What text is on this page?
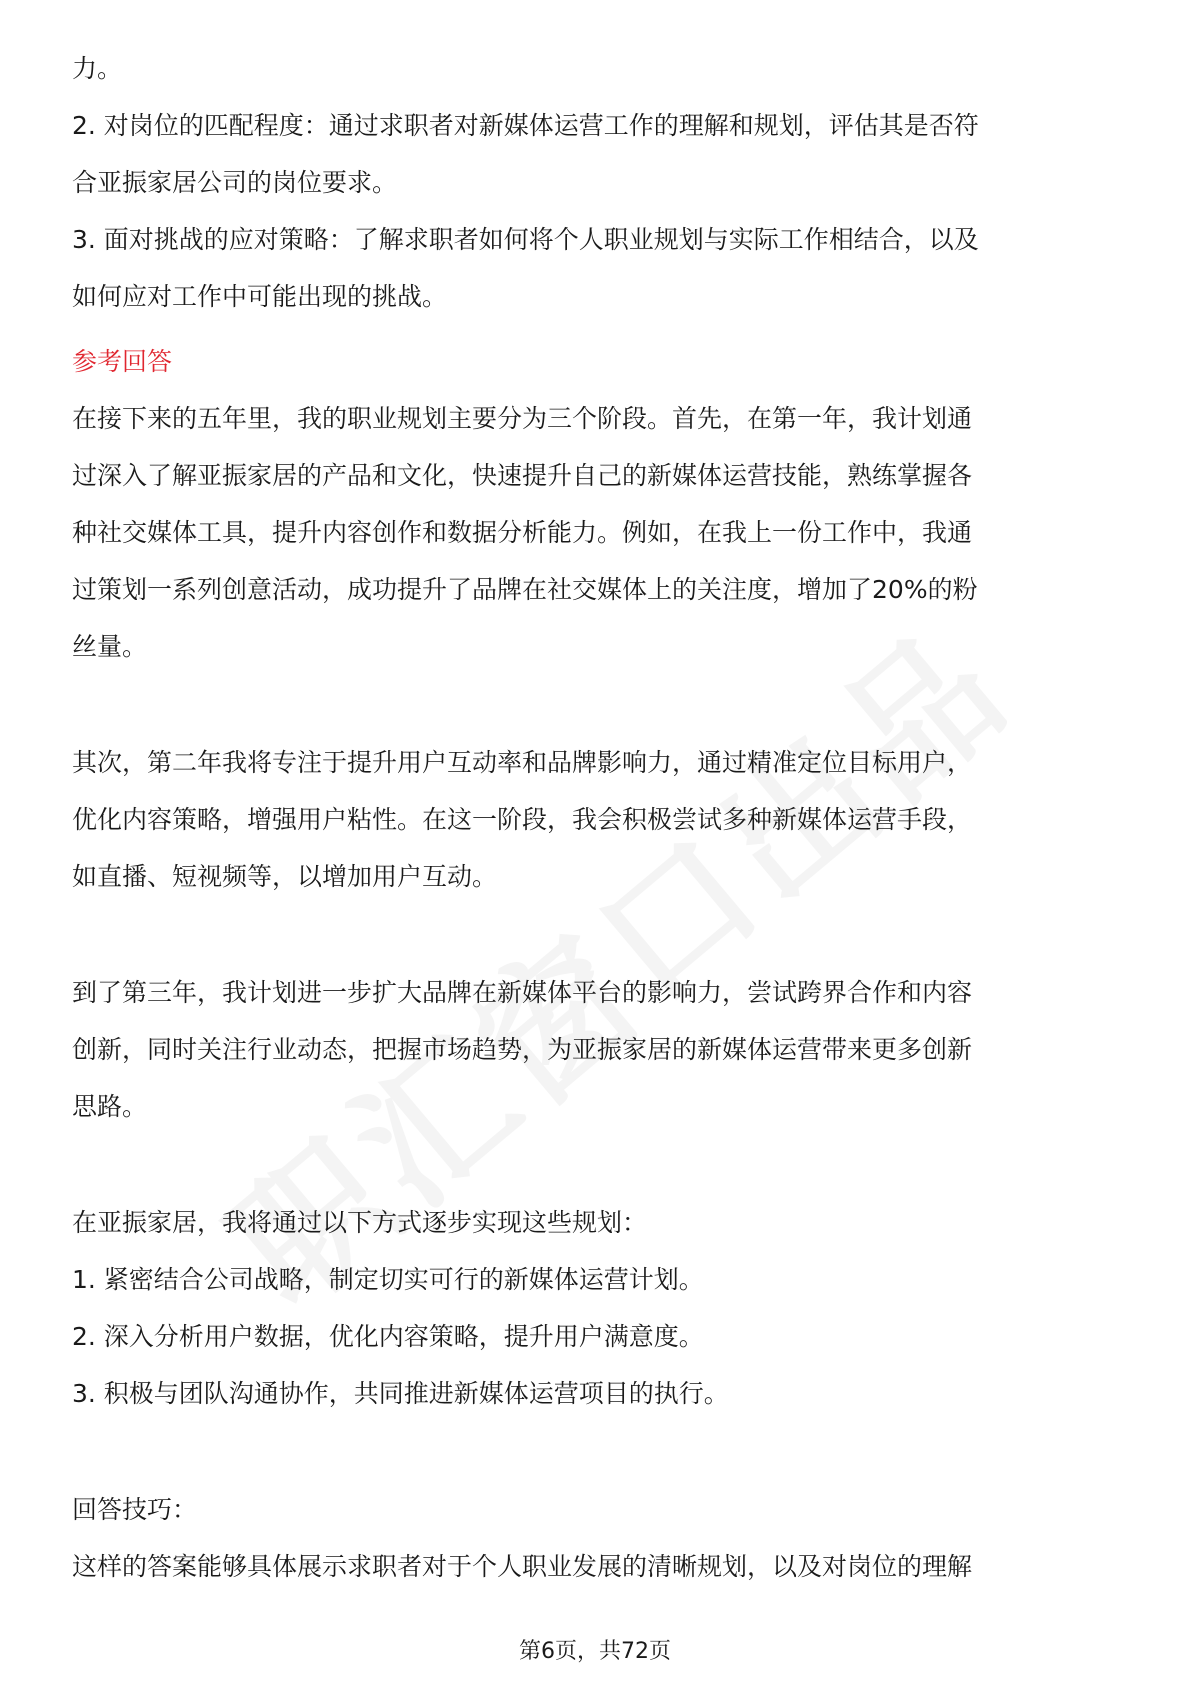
力。
2. 对岗位的匹配程度：通过求职者对新媒体运营工作的理解和规划，评估其是否符
合亚振家居公司的岗位要求。
3. 面对挑战的应对策略：了解求职者如何将个人职业规划与实际工作相结合，以及
如何应对工作中可能出现的挑战。
参考回答
在接下来的五年里，我的职业规划主要分为三个阶段。首先，在第一年，我计划通
过深入了解亚振家居的产品和文化，快速提升自己的新媒体运营技能，熟练掌握各
种社交媒体工具，提升内容创作和数据分析能力。例如，在我上一份工作中，我通
过策划一系列创意活动，成功提升了品牌在社交媒体上的关注度，增加了20%的粉
丝量。
其次，第二年我将专注于提升用户互动率和品牌影响力，通过精准定位目标用户，
优化内容策略，增强用户粘性。在这一阶段，我会积极尝试多种新媒体运营手段，
如直播、短视频等，以增加用户互动。
到了第三年，我计划进一步扩大品牌在新媒体平台的影响力，尝试跨界合作和内容
创新，同时关注行业动态，把握市场趋势，为亚振家居的新媒体运营带来更多创新
思路。
在亚振家居，我将通过以下方式逐步实现这些规划：
1. 紧密结合公司战略，制定切实可行的新媒体运营计划。
2. 深入分析用户数据，优化内容策略，提升用户满意度。
3. 积极与团队沟通协作，共同推进新媒体运营项目的执行。
回答技巧：
这样的答案能够具体展示求职者对于个人职业发展的清晰规划，以及对岗位的理解
第6页，共72页
